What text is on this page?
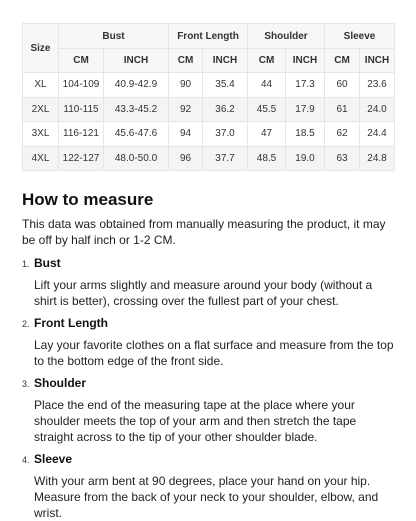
Size	Bust		Front Length		Shoulder		Sleeve	
	CM	INCH	CM	INCH	CM	INCH	CM	INCH
XL	104-109	40.9-42.9	90	35.4	44	17.3	60	23.6
2XL	110-115	43.3-45.2	92	36.2	45.5	17.9	61	24.0
3XL	116-121	45.6-47.6	94	37.0	47	18.5	62	24.4
4XL	122-127	48.0-50.0	96	37.7	48.5	19.0	63	24.8
How to measure

This data was obtained from manually measuring the product, it may be off by half inch or 1-2 CM.

1. Bust

Lift your arms slightly and measure around your body (without a shirt is better), crossing over the fullest part of your chest.

2. Front Length

Lay your favorite clothes on a flat surface and measure from the top to the bottom edge of the front side.

3. Shoulder

Place the end of the measuring tape at the place where your shoulder meets the top of your arm and then stretch the tape straight across to the tip of your other shoulder blade.

4. Sleeve

With your arm bent at 90 degrees, place your hand on your hip. Measure from the back of your neck to your shoulder, elbow, and wrist.
